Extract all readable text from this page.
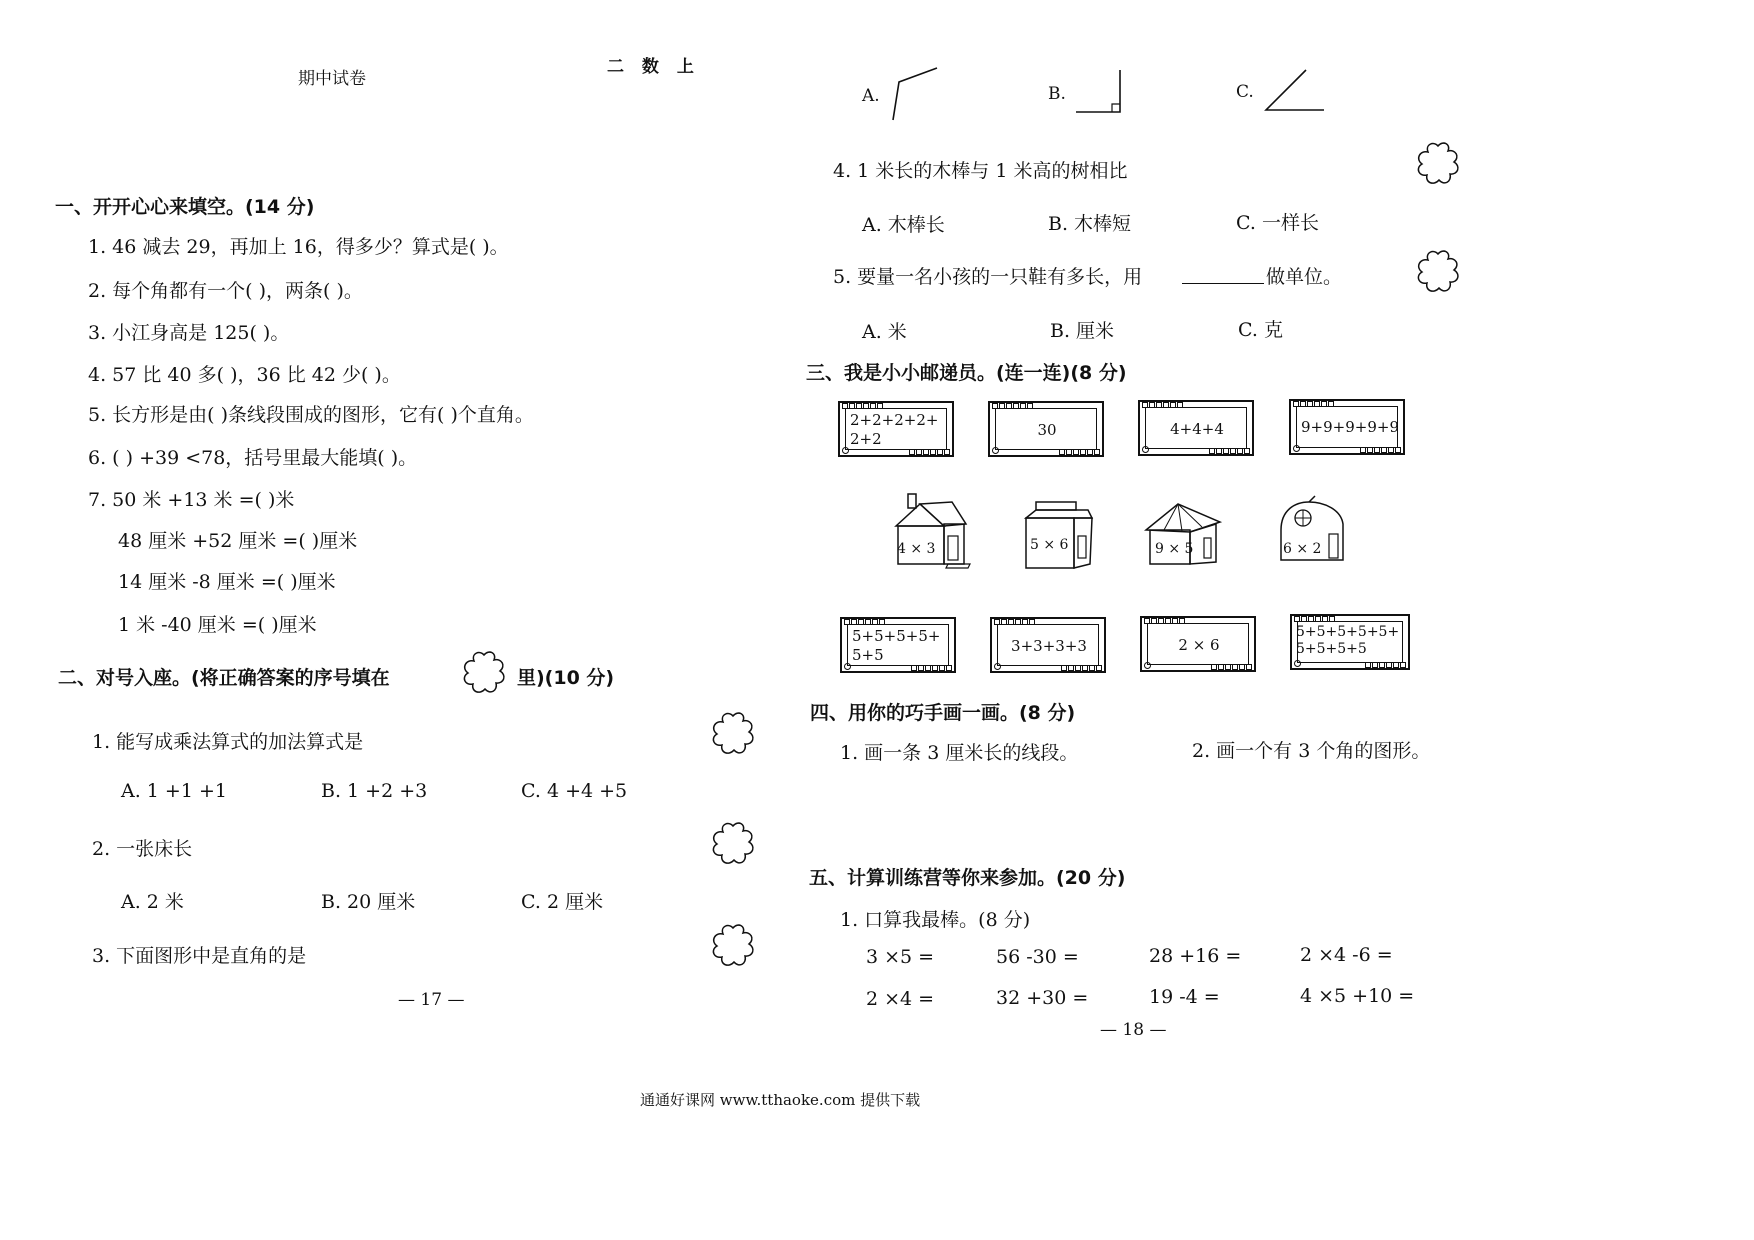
期中试卷
二 数 上
一、开开心心来填空。(14 分)
1. 46 减去 29，再加上 16，得多少？算式是( )。
2. 每个角都有一个( )，两条( )。
3. 小江身高是 125( )。
4. 57 比 40 多( )，36 比 42 少( )。
5. 长方形是由( )条线段围成的图形，它有( )个直角。
6. ( ) +39 <78，括号里最大能填( )。
7. 50 米 +13 米 =( )米
48 厘米 +52 厘米 =( )厘米
14 厘米 -8 厘米 =( )厘米
1 米 -40 厘米 =( )厘米
二、对号入座。(将正确答案的序号填在	里)(10 分)
1. 能写成乘法算式的加法算式是
A. 1 +1 +1	B. 1 +2 +3	C. 4 +4 +5
2. 一张床长
A. 2 米	B. 20 厘米	C. 2 厘米
3. 下面图形中是直角的是
— 17 —
A.	B.	C.
4. 1 米长的木棒与 1 米高的树相比
A. 木棒长	B. 木棒短	C. 一样长
5. 要量一名小孩的一只鞋有多长，用	做单位。
A. 米	B. 厘米	C. 克
三、我是小小邮递员。(连一连)(8 分)
2+2+2+2+
2+2	30	4+4+4	9+9+9+9+9
4 × 3	5 × 6	9 × 5	6 × 2
5+5+5+5+
5+5	3+3+3+3	2 × 6
5+5+5+5+5+
5+5+5+5
四、用你的巧手画一画。(8 分)
1. 画一条 3 厘米长的线段。	2. 画一个有 3 个角的图形。
五、计算训练营等你来参加。(20 分)
1. 口算我最棒。(8 分)
3 ×5 =	56 -30 =	28 +16 =	2 ×4 -6 =
2 ×4 =	32 +30 =	19 -4 =	4 ×5 +10 =
— 18 —
通通好课网 www.tthaoke.com 提供下载
